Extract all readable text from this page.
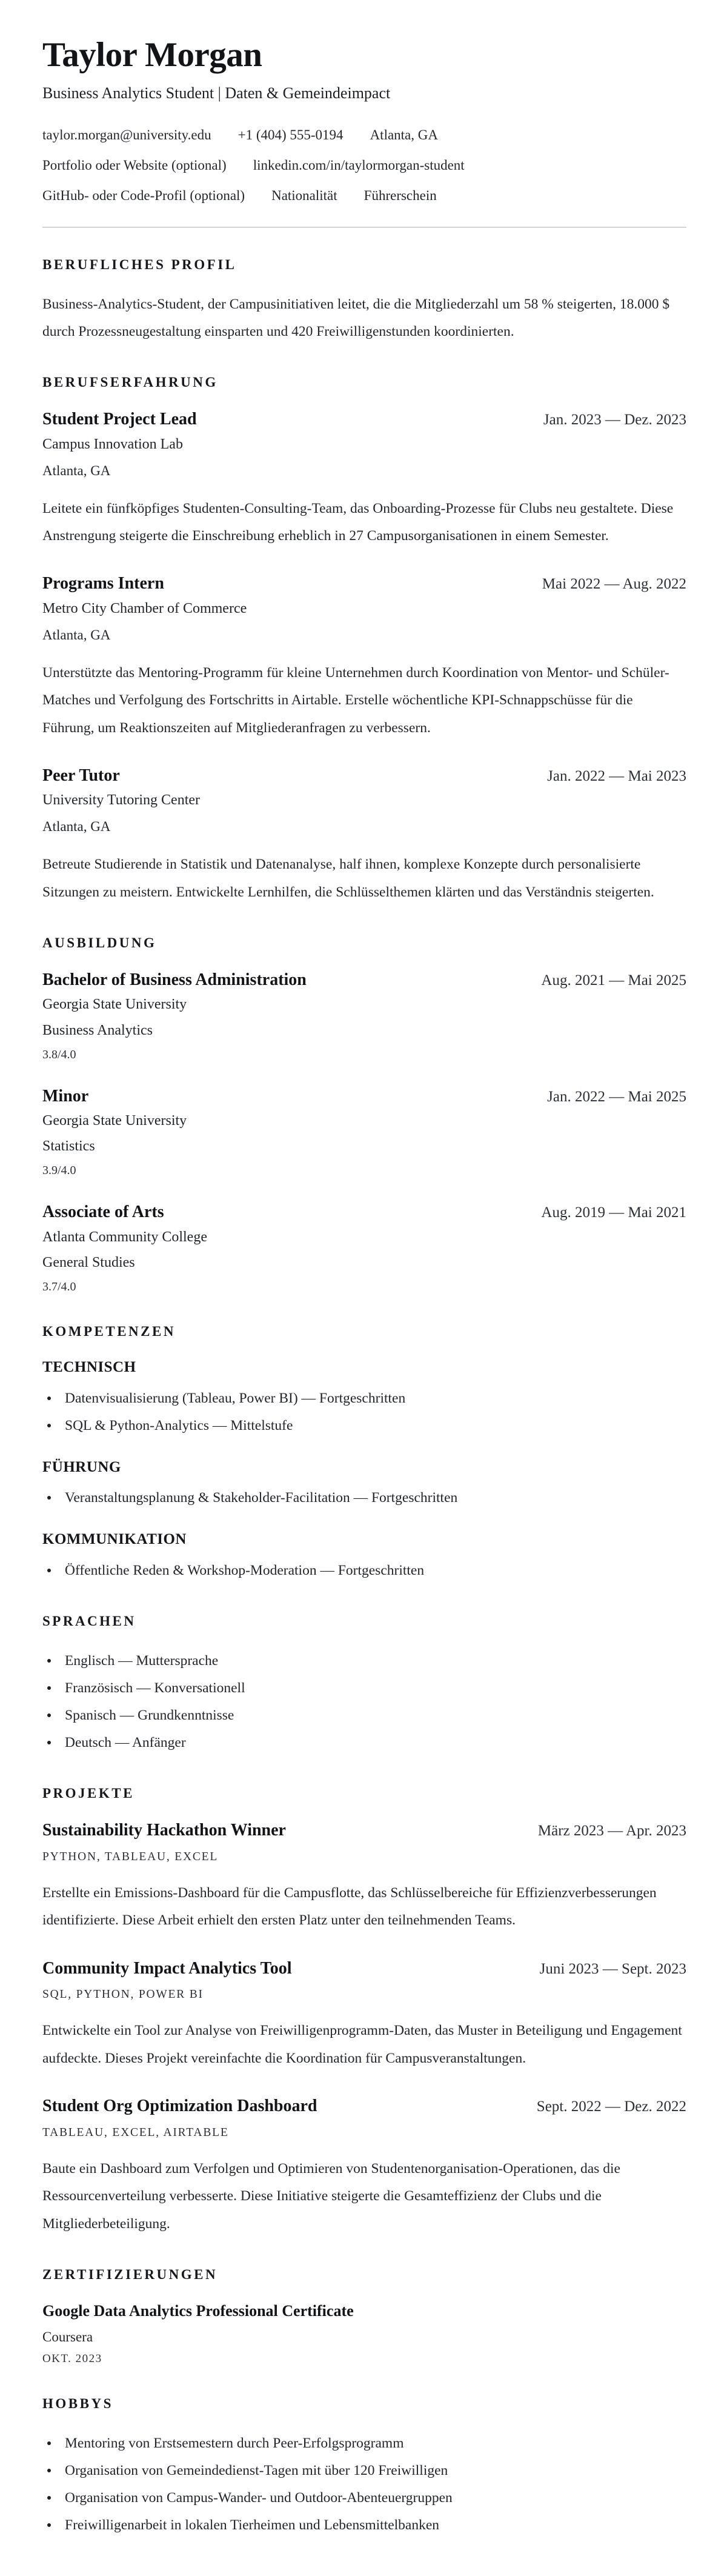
Taylor Morgan
Business Analytics Student | Daten & Gemeindeimpact
taylor.morgan@university.edu +1 (404) 555-0194 Atlanta, GA
Portfolio oder Website (optional) linkedin.com/in/taylormorgan-student
GitHub- oder Code-Profil (optional) Nationalität Führerschein
BERUFLICHES PROFIL

Business-Analytics-Student, der Campusinitiativen leitet, die die Mitgliederzahl um 58 % steigerten, 18.000 $ durch Prozessneugestaltung einsparten und 420 Freiwilligenstunden koordinierten.

BERUFSERFAHRUNG
Student Project Lead	Jan. 2023 — Dez. 2023
Campus Innovation Lab
Atlanta, GA

Leitete ein fünfköpfiges Studenten-Consulting-Team, das Onboarding-Prozesse für Clubs neu gestaltete. Diese Anstrengung steigerte die Einschreibung erheblich in 27 Campusorganisationen in einem Semester.

Programs Intern	Mai 2022 — Aug. 2022
Metro City Chamber of Commerce
Atlanta, GA

Unterstützte das Mentoring-Programm für kleine Unternehmen durch Koordination von Mentor- und Schüler-Matches und Verfolgung des Fortschritts in Airtable. Erstelle wöchentliche KPI-Schnappschüsse für die Führung, um Reaktionszeiten auf Mitgliederanfragen zu verbessern.

Peer Tutor	Jan. 2022 — Mai 2023
University Tutoring Center
Atlanta, GA

Betreute Studierende in Statistik und Datenanalyse, half ihnen, komplexe Konzepte durch personalisierte Sitzungen zu meistern. Entwickelte Lernhilfen, die Schlüsselthemen klärten und das Verständnis steigerten.

AUSBILDUNG
Bachelor of Business Administration	Aug. 2021 — Mai 2025
Georgia State University
Business Analytics
3.8/4.0
Minor	Jan. 2022 — Mai 2025
Georgia State University
Statistics
3.9/4.0
Associate of Arts	Aug. 2019 — Mai 2021
Atlanta Community College
General Studies
3.7/4.0
KOMPETENZEN
TECHNISCH
Datenvisualisierung (Tableau, Power BI) — Fortgeschritten
SQL & Python-Analytics — Mittelstufe
FÜHRUNG
Veranstaltungsplanung & Stakeholder-Facilitation — Fortgeschritten
KOMMUNIKATION
Öffentliche Reden & Workshop-Moderation — Fortgeschritten
SPRACHEN
Englisch — Muttersprache
Französisch — Konversationell
Spanisch — Grundkenntnisse
Deutsch — Anfänger
PROJEKTE
Sustainability Hackathon Winner	März 2023 — Apr. 2023
PYTHON, TABLEAU, EXCEL

Erstellte ein Emissions-Dashboard für die Campusflotte, das Schlüsselbereiche für Effizienzverbesserungen identifizierte. Diese Arbeit erhielt den ersten Platz unter den teilnehmenden Teams.

Community Impact Analytics Tool	Juni 2023 — Sept. 2023
SQL, PYTHON, POWER BI

Entwickelte ein Tool zur Analyse von Freiwilligenprogramm-Daten, das Muster in Beteiligung und Engagement aufdeckte. Dieses Projekt vereinfachte die Koordination für Campusveranstaltungen.

Student Org Optimization Dashboard	Sept. 2022 — Dez. 2022
TABLEAU, EXCEL, AIRTABLE

Baute ein Dashboard zum Verfolgen und Optimieren von Studentenorganisation-Operationen, das die Ressourcenverteilung verbesserte. Diese Initiative steigerte die Gesamteffizienz der Clubs und die Mitgliederbeteiligung.

ZERTIFIZIERUNGEN
Google Data Analytics Professional Certificate
Coursera
OKT. 2023
HOBBYS
Mentoring von Erstsemestern durch Peer-Erfolgsprogramm
Organisation von Gemeindedienst-Tagen mit über 120 Freiwilligen
Organisation von Campus-Wander- und Outdoor-Abenteuergruppen
Freiwilligenarbeit in lokalen Tierheimen und Lebensmittelbanken
